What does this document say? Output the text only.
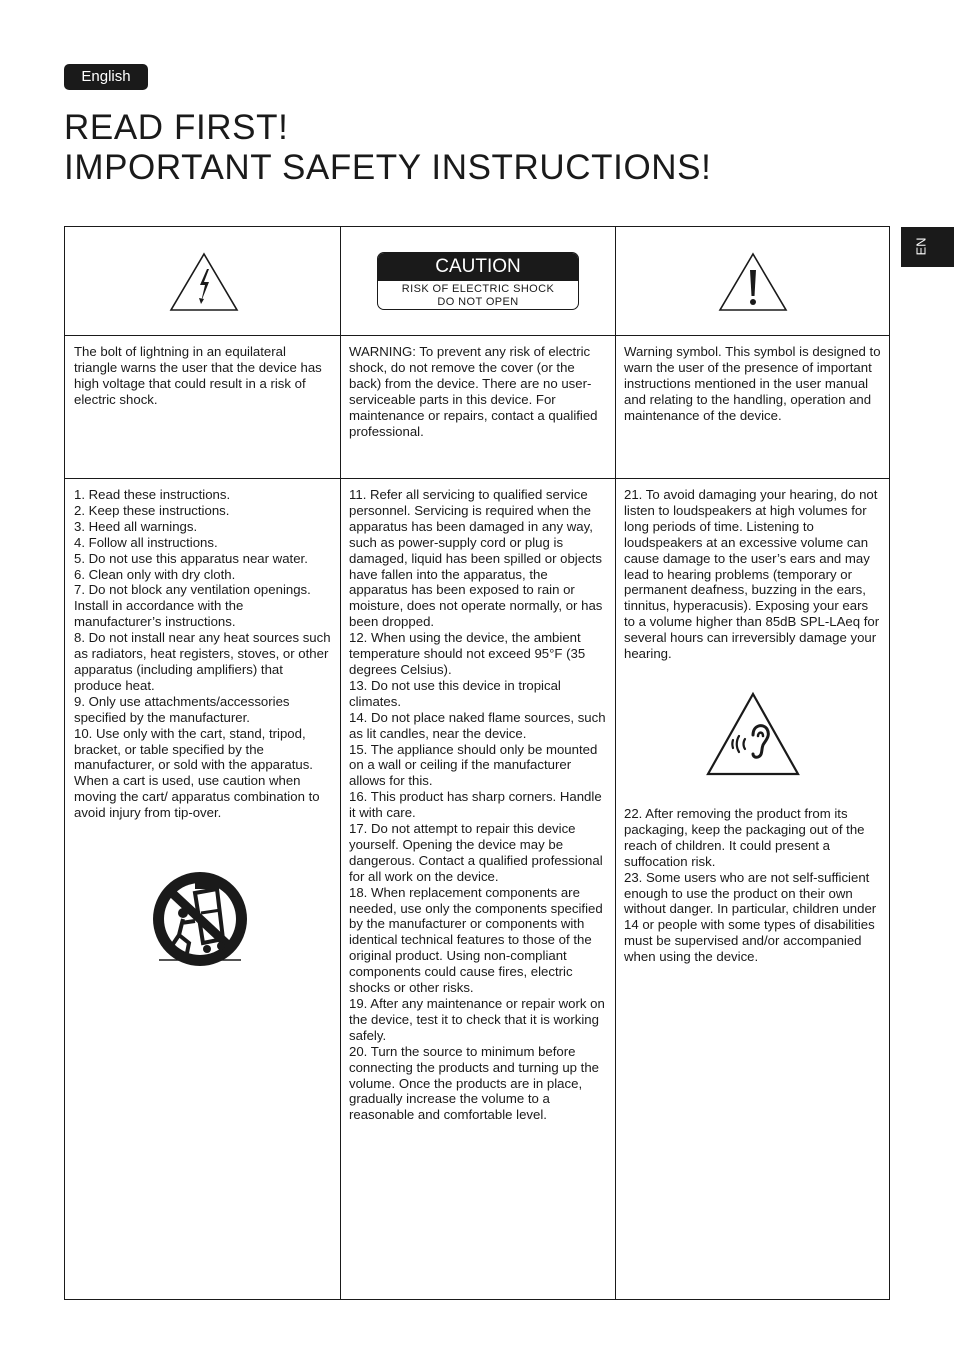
English
READ FIRST!
IMPORTANT SAFETY INSTRUCTIONS!
EN
CAUTION
RISK OF ELECTRIC SHOCK
DO NOT OPEN

The bolt of lightning in an equilateral triangle warns the user that the device has high voltage that could result in a risk of electric shock.

WARNING: To prevent any risk of electric shock, do not remove the cover (or the back) from the device. There are no user-serviceable parts in this device. For maintenance or repairs, contact a qualified professional.

Warning symbol. This symbol is designed to warn the user of the presence of important instructions mentioned in the user manual and relating to the handling, operation and maintenance of the device.

1. Read these instructions.

2. Keep these instructions.

3. Heed all warnings.

4. Follow all instructions.

5. Do not use this apparatus near water.

6. Clean only with dry cloth.

7. Do not block any ventilation openings. Install in accordance with the manufacturer’s instructions.

8. Do not install near any heat sources such as radiators, heat registers, stoves, or other apparatus (including amplifiers) that produce heat.

9. Only use attachments/accessories specified by the manufacturer.

10. Use only with the cart, stand, tripod, bracket, or table specified by the manufacturer, or sold with the apparatus. When a cart is used, use caution when moving the cart/ apparatus combination to avoid injury from tip-over.

11. Refer all servicing to qualified service personnel. Servicing is required when the apparatus has been damaged in any way, such as power-supply cord or plug is damaged, liquid has been spilled or objects have fallen into the apparatus, the apparatus has been exposed to rain or moisture, does not operate normally, or has been dropped.

12. When using the device, the ambient temperature should not exceed 95°F (35 degrees Celsius).

13. Do not use this device in tropical climates.

14. Do not place naked flame sources, such as lit candles, near the device.

15. The appliance should only be mounted on a wall or ceiling if the manufacturer allows for this.

16. This product has sharp corners. Handle it with care.

17. Do not attempt to repair this device yourself. Opening the device may be dangerous. Contact a qualified professional for all work on the device.

18. When replacement components are needed, use only the components specified by the manufacturer or components with identical technical features to those of the original product. Using non-compliant components could cause fires, electric shocks or other risks.

19. After any maintenance or repair work on the device, test it to check that it is working safely.

20. Turn the source to minimum before connecting the products and turning up the volume. Once the products are in place, gradually increase the volume to a reasonable and comfortable level.

21. To avoid damaging your hearing, do not listen to loudspeakers at high volumes for long periods of time. Listening to loudspeakers at an excessive volume can cause damage to the user’s ears and may lead to hearing problems (temporary or permanent deafness, buzzing in the ears, tinnitus, hyperacusis). Exposing your ears to a volume higher than 85dB SPL-LAeq for several hours can irreversibly damage your hearing.

22. After removing the product from its packaging, keep the packaging out of the reach of children. It could present a suffocation risk.

23. Some users who are not self-sufficient enough to use the product on their own without danger. In particular, children under 14 or people with some types of disabilities must be supervised and/or accompanied when using the device.
